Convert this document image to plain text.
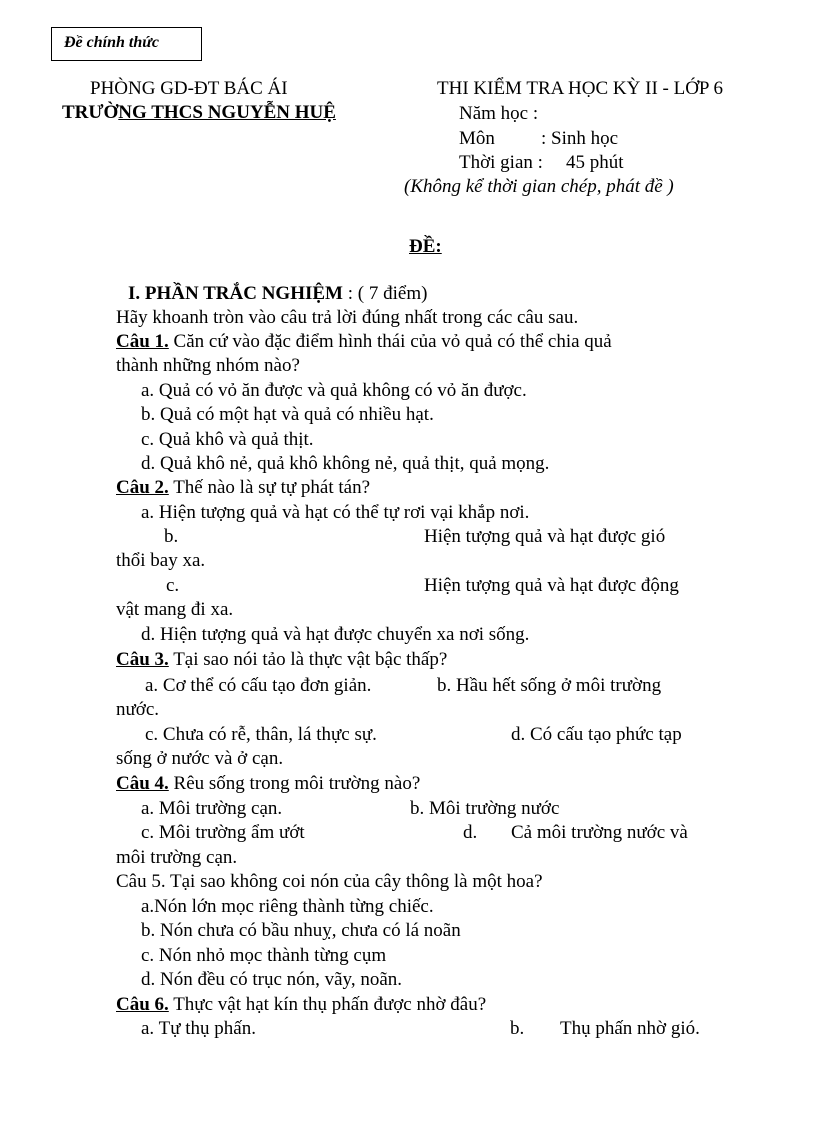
Đề chính thức
PHÒNG GD-ĐT BÁC ÁI
TRƯỜNG THCS NGUYỄN HUỆ
THI KIỂM TRA HỌC KỲ II - LỚP 6
Năm học :
Môn : Sinh học
Thời gian : 45 phút
(Không kể thời gian chép, phát đề )
ĐỀ:
I. PHẦN TRẮC NGHIỆM : ( 7 điểm)
Hãy khoanh tròn vào câu trả lời đúng nhất trong các câu sau.
Câu 1. Căn cứ vào đặc điểm hình thái của vỏ quả có thể chia quả
thành những nhóm nào?
a. Quả có vỏ ăn được và quả không có vỏ ăn được.
b. Quả có một hạt và quả có nhiều hạt.
c. Quả khô và quả thịt.
d. Quả khô nẻ, quả khô không nẻ, quả thịt, quả mọng.
Câu 2. Thế nào là sự tự phát tán?
a. Hiện tượng quả và hạt có thể tự rơi vại khắp nơi.
b.	Hiện tượng quả và hạt được gió
thổi bay xa.
c.	Hiện tượng quả và hạt được động
vật mang đi xa.
d. Hiện tượng quả và hạt được chuyển xa nơi sống.
Câu 3. Tại sao nói tảo là thực vật bậc thấp?
a. Cơ thể có cấu tạo đơn giản.	b. Hầu hết sống ở môi trường
nước.
c. Chưa có rễ, thân, lá thực sự.	d. Có cấu tạo phức tạp
sống ở nước và ở cạn.
Câu 4. Rêu sống trong môi trường nào?
a. Môi trường cạn.	b. Môi trường nước
c. Môi trường ẩm ướt	d. Cả môi trường nước và
môi trường cạn.
Câu 5. Tại sao không coi nón của cây thông là một hoa?
a.Nón lớn mọc riêng thành từng chiếc.
b. Nón chưa có bầu nhuỵ, chưa có lá noãn
c. Nón nhỏ mọc thành từng cụm
d. Nón đều có trục nón, vãy, noãn.
Câu 6. Thực vật hạt kín thụ phấn được nhờ đâu?
a. Tự thụ phấn.	b. Thụ phấn nhờ gió.
